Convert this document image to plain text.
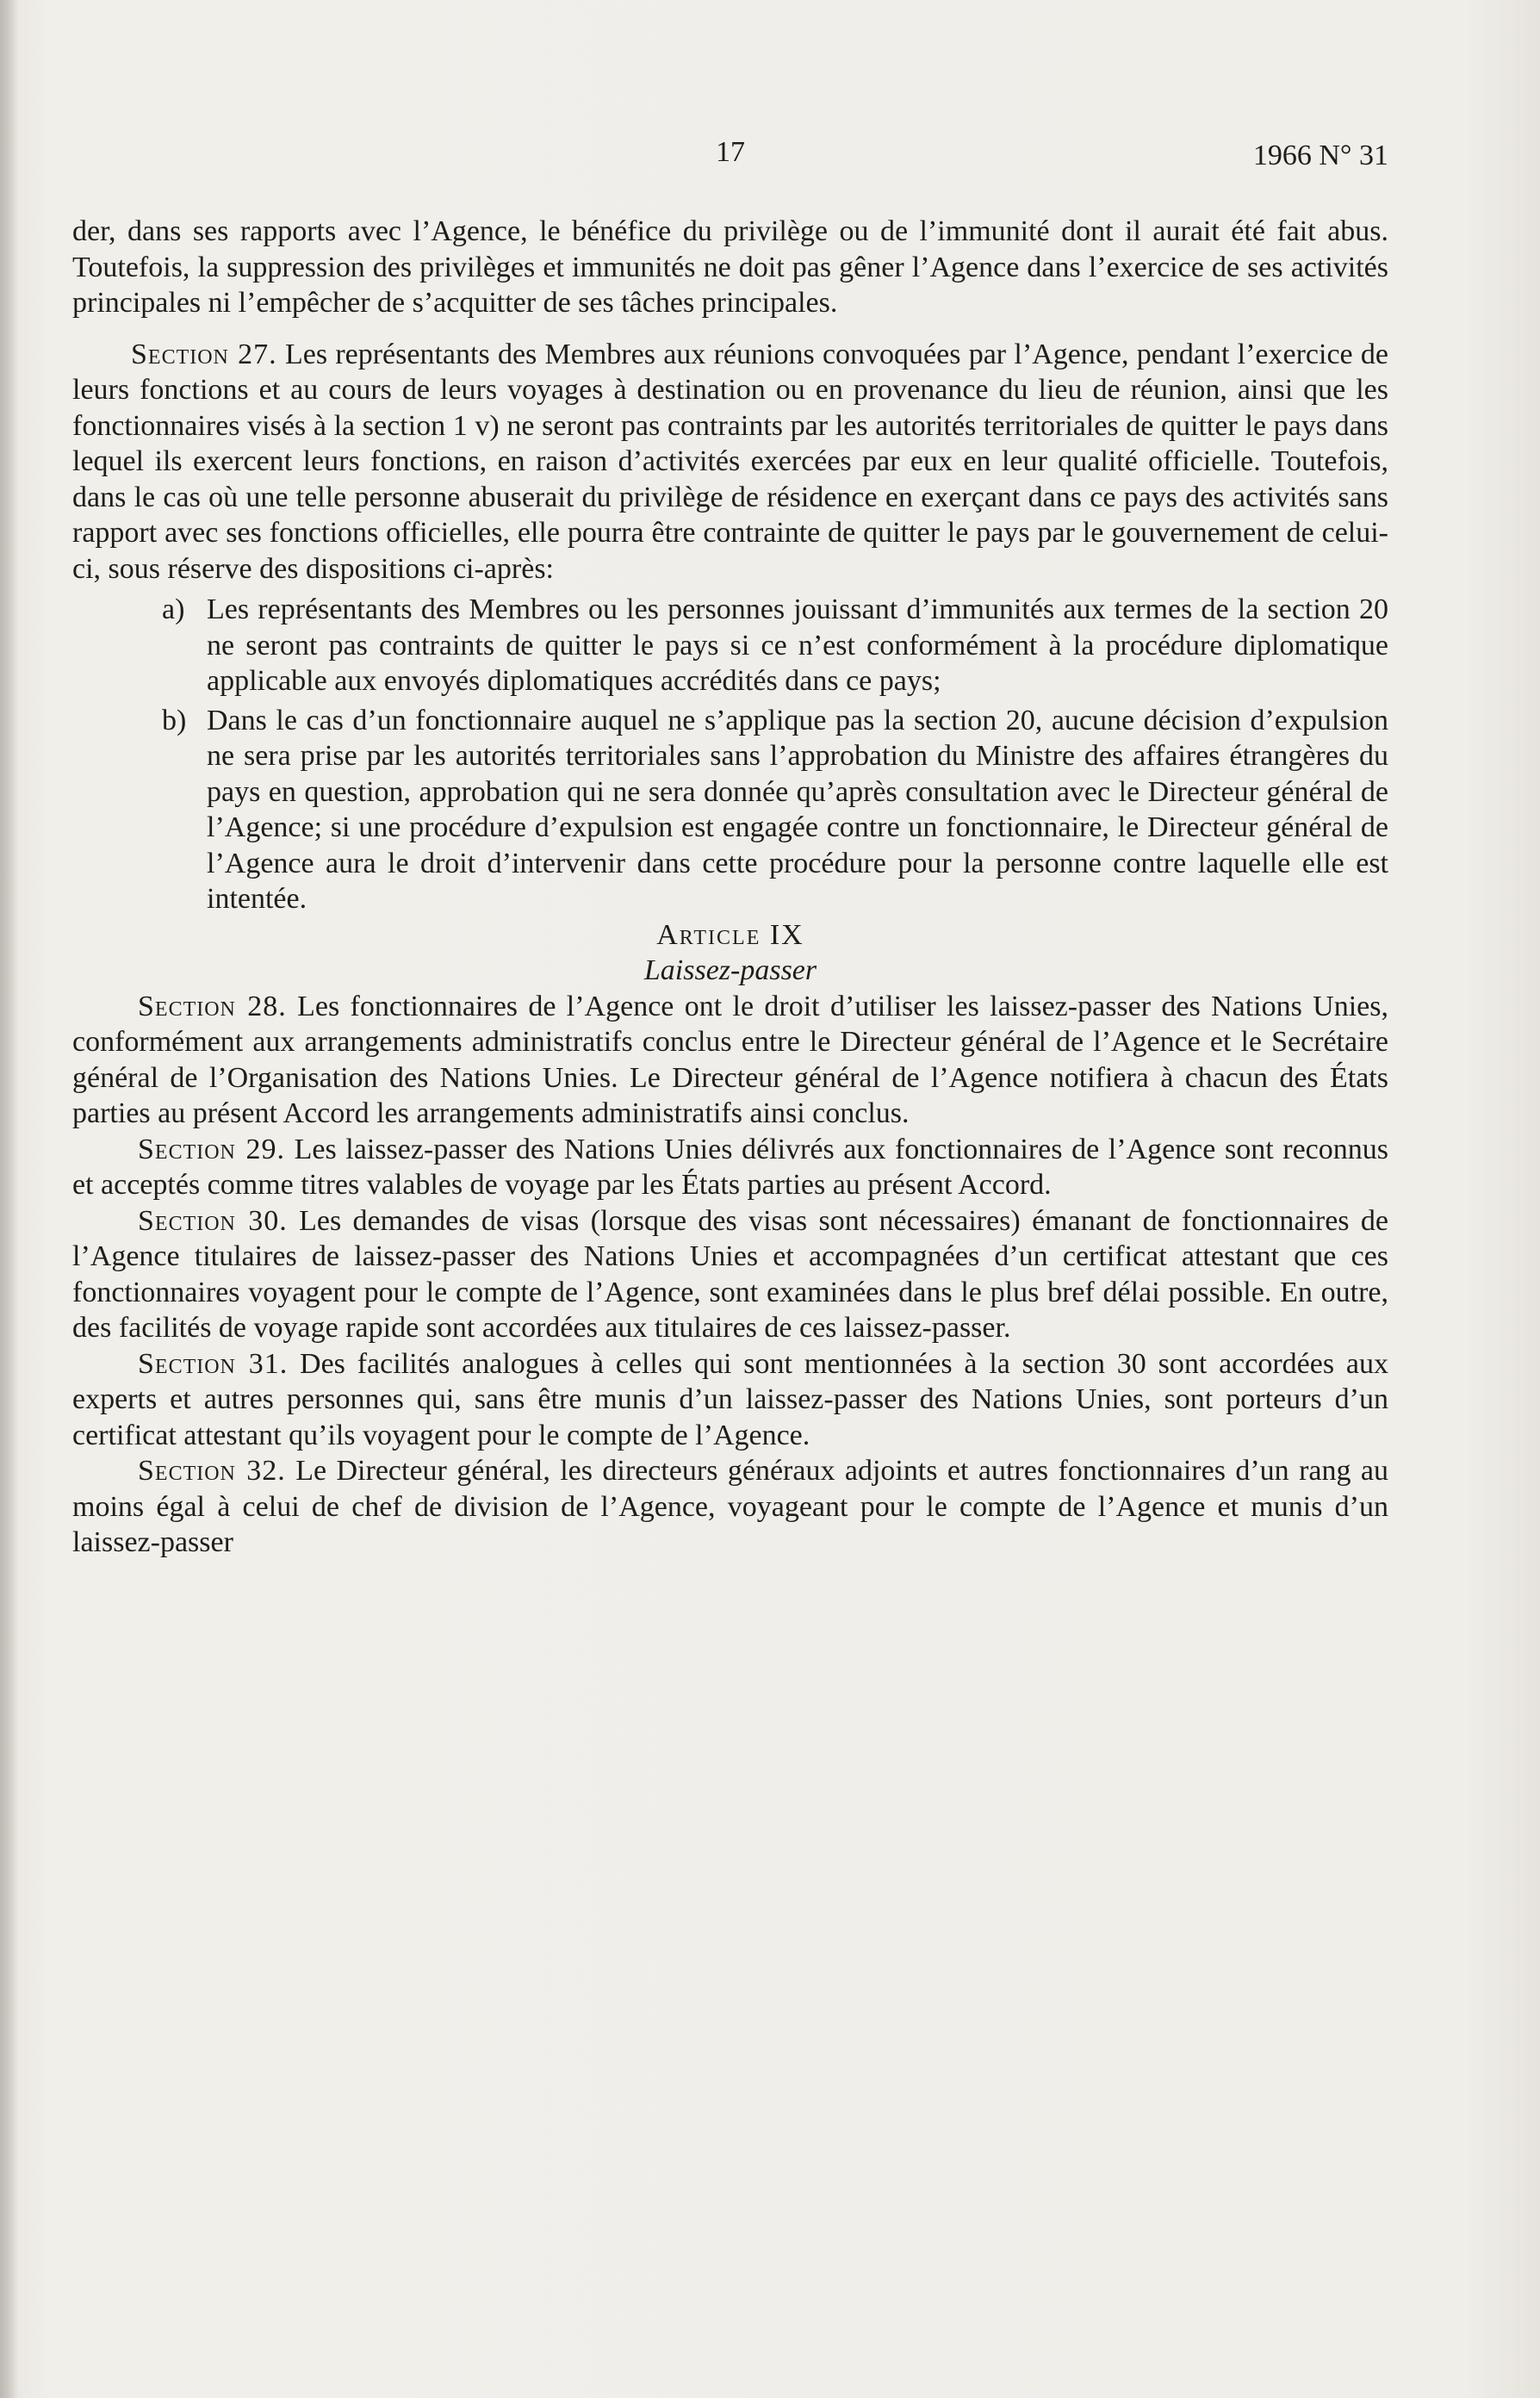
17	1966 N° 31

der, dans ses rapports avec l’Agence, le bénéfice du privilège ou de l’immunité dont il aurait été fait abus. Toutefois, la suppression des privilèges et immunités ne doit pas gêner l’Agence dans l’exercice de ses activités principales ni l’empêcher de s’acquitter de ses tâches principales.

Section 27. Les représentants des Membres aux réunions convoquées par l’Agence, pendant l’exercice de leurs fonctions et au cours de leurs voyages à destination ou en provenance du lieu de réunion, ainsi que les fonctionnaires visés à la section 1 v) ne seront pas contraints par les autorités territoriales de quitter le pays dans lequel ils exercent leurs fonctions, en raison d’activités exercées par eux en leur qualité officielle. Toutefois, dans le cas où une telle personne abuserait du privilège de résidence en exerçant dans ce pays des activités sans rapport avec ses fonctions officielles, elle pourra être contrainte de quitter le pays par le gouvernement de celui-ci, sous réserve des dispositions ci-après:

a) Les représentants des Membres ou les personnes jouissant d’immunités aux termes de la section 20 ne seront pas contraints de quitter le pays si ce n’est conformément à la procédure diplomatique applicable aux envoyés diplomatiques accrédités dans ce pays;
b) Dans le cas d’un fonctionnaire auquel ne s’applique pas la section 20, aucune décision d’expulsion ne sera prise par les autorités territoriales sans l’approbation du Ministre des affaires étrangères du pays en question, approbation qui ne sera donnée qu’après consultation avec le Directeur général de l’Agence; si une procédure d’expulsion est engagée contre un fonctionnaire, le Directeur général de l’Agence aura le droit d’intervenir dans cette procédure pour la personne contre laquelle elle est intentée.

Article IX

Laissez-passer

Section 28. Les fonctionnaires de l’Agence ont le droit d’utiliser les laissez-passer des Nations Unies, conformément aux arrangements administratifs conclus entre le Directeur général de l’Agence et le Secrétaire général de l’Organisation des Nations Unies. Le Directeur général de l’Agence notifiera à chacun des États parties au présent Accord les arrangements administratifs ainsi conclus.

Section 29. Les laissez-passer des Nations Unies délivrés aux fonctionnaires de l’Agence sont reconnus et acceptés comme titres valables de voyage par les États parties au présent Accord.

Section 30. Les demandes de visas (lorsque des visas sont nécessaires) émanant de fonctionnaires de l’Agence titulaires de laissez-passer des Nations Unies et accompagnées d’un certificat attestant que ces fonctionnaires voyagent pour le compte de l’Agence, sont examinées dans le plus bref délai possible. En outre, des facilités de voyage rapide sont accordées aux titulaires de ces laissez-passer.

Section 31. Des facilités analogues à celles qui sont mentionnées à la section 30 sont accordées aux experts et autres personnes qui, sans être munis d’un laissez-passer des Nations Unies, sont porteurs d’un certificat attestant qu’ils voyagent pour le compte de l’Agence.

Section 32. Le Directeur général, les directeurs généraux adjoints et autres fonctionnaires d’un rang au moins égal à celui de chef de division de l’Agence, voyageant pour le compte de l’Agence et munis d’un laissez-passer
